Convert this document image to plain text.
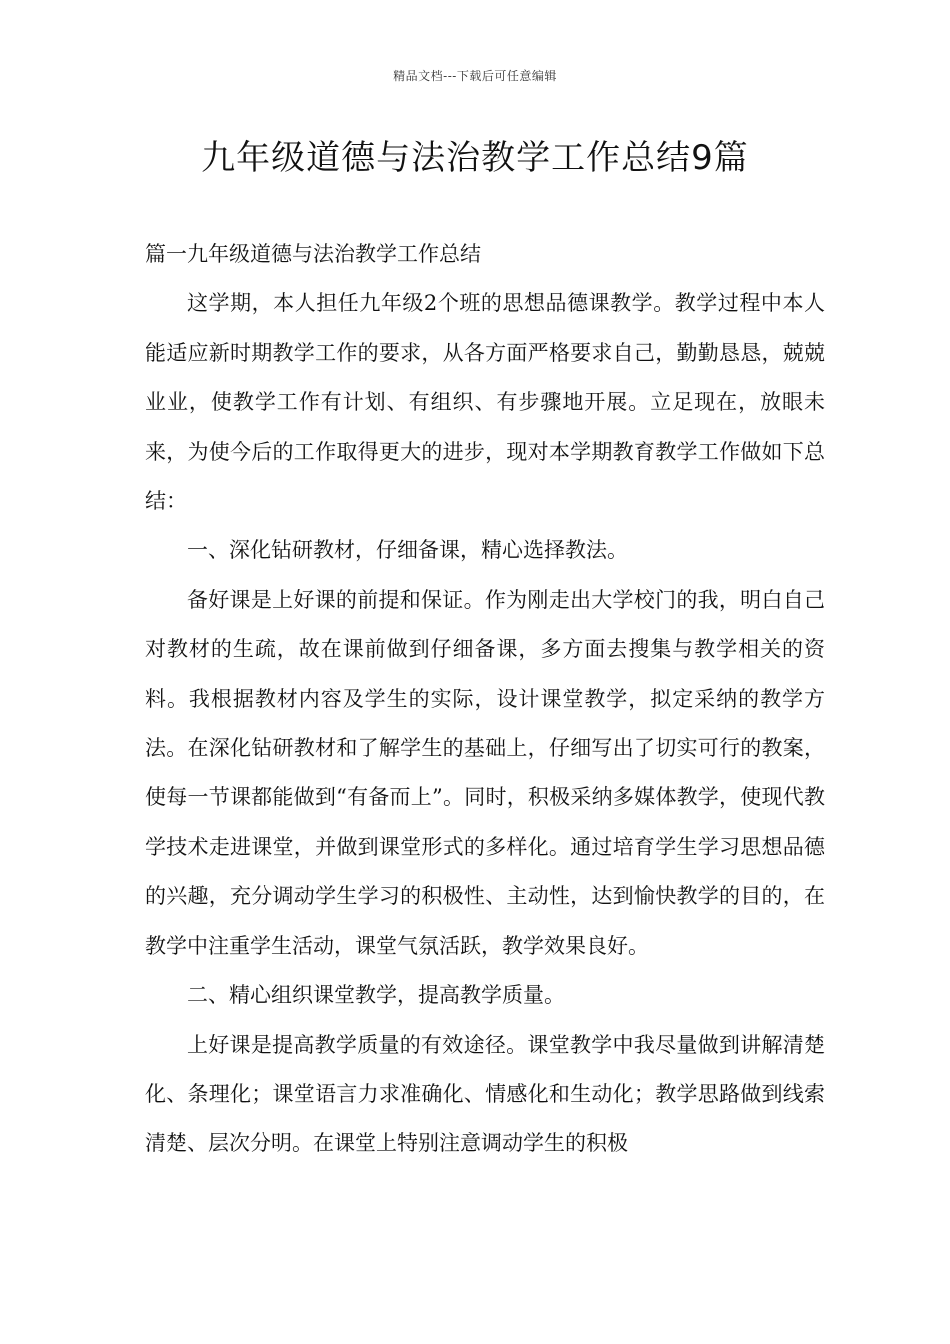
精品文档---下载后可任意编辑
九年级道德与法治教学工作总结9篇

篇一九年级道德与法治教学工作总结

这学期，本人担任九年级2个班的思想品德课教学。教学过程中本人能适应新时期教学工作的要求，从各方面严格要求自己，勤勤恳恳，兢兢业业，使教学工作有计划、有组织、有步骤地开展。立足现在，放眼未来，为使今后的工作取得更大的进步，现对本学期教育教学工作做如下总结：

一、深化钻研教材，仔细备课，精心选择教法。

备好课是上好课的前提和保证。作为刚走出大学校门的我，明白自己对教材的生疏，故在课前做到仔细备课，多方面去搜集与教学相关的资料。我根据教材内容及学生的实际，设计课堂教学，拟定采纳的教学方法。在深化钻研教材和了解学生的基础上，仔细写出了切实可行的教案，使每一节课都能做到“有备而上”。同时，积极采纳多媒体教学，使现代教学技术走进课堂，并做到课堂形式的多样化。通过培育学生学习思想品德的兴趣，充分调动学生学习的积极性、主动性，达到愉快教学的目的，在教学中注重学生活动，课堂气氛活跃，教学效果良好。

二、精心组织课堂教学，提高教学质量。

上好课是提高教学质量的有效途径。课堂教学中我尽量做到讲解清楚化、条理化；课堂语言力求准确化、情感化和生动化；教学思路做到线索清楚、层次分明。在课堂上特别注意调动学生的积极
